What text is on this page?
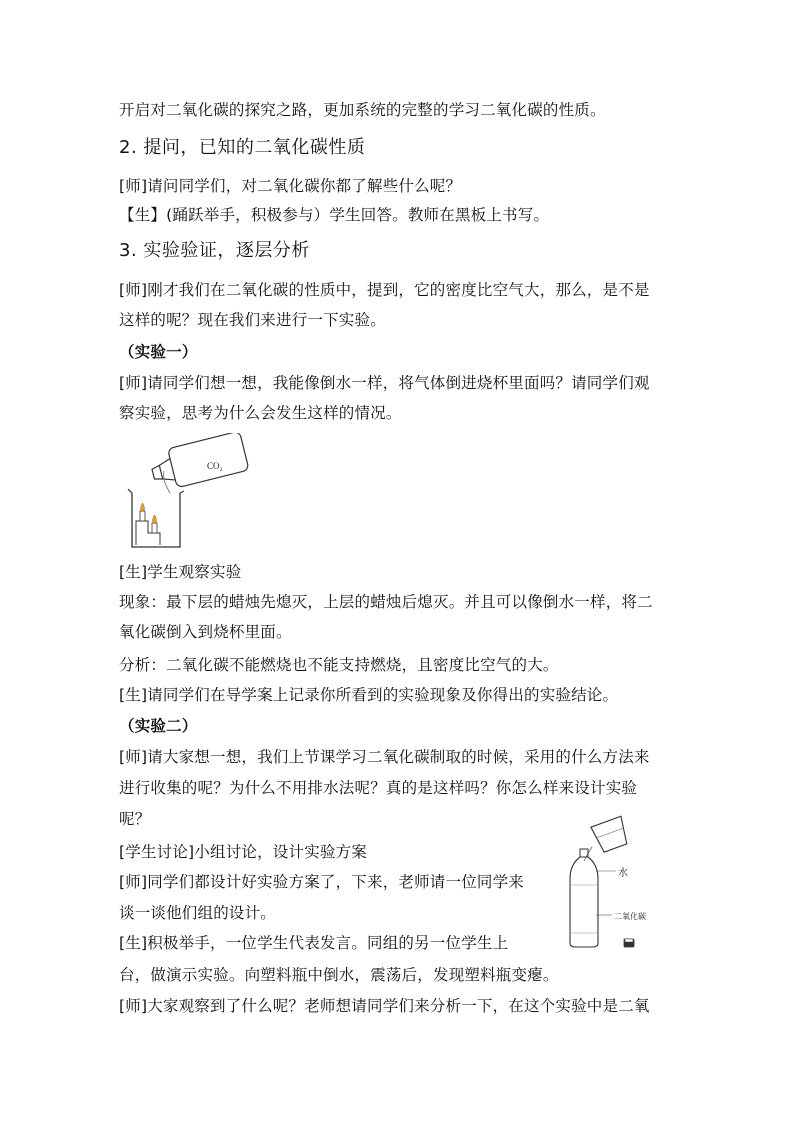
开启对二氧化碳的探究之路，更加系统的完整的学习二氧化碳的性质。
2. 提问，已知的二氧化碳性质
[师]请问同学们，对二氧化碳你都了解些什么呢？
【生】(踊跃举手，积极参与）学生回答。教师在黑板上书写。
3. 实验验证，逐层分析
[师]刚才我们在二氧化碳的性质中，提到，它的密度比空气大，那么，是不是
这样的呢？现在我们来进行一下实验。
（实验一）
[师]请同学们想一想，我能像倒水一样，将气体倒进烧杯里面吗？请同学们观
察实验，思考为什么会发生这样的情况。
CO₂
[生]学生观察实验
现象：最下层的蜡烛先熄灭，上层的蜡烛后熄灭。并且可以像倒水一样，将二
氧化碳倒入到烧杯里面。
分析：二氧化碳不能燃烧也不能支持燃烧，且密度比空气的大。
[生]请同学们在导学案上记录你所看到的实验现象及你得出的实验结论。
（实验二）
[师]请大家想一想，我们上节课学习二氧化碳制取的时候，采用的什么方法来
进行收集的呢？为什么不用排水法呢？真的是这样吗？你怎么样来设计实验
呢？
[学生讨论]小组讨论，设计实验方案
[师]同学们都设计好实验方案了，下来，老师请一位同学来
谈一谈他们组的设计。
[生]积极举手，一位学生代表发言。同组的另一位学生上
水
二氧化碳
台，做演示实验。向塑料瓶中倒水，震荡后，发现塑料瓶变瘪。
[师]大家观察到了什么呢？老师想请同学们来分析一下，在这个实验中是二氧
